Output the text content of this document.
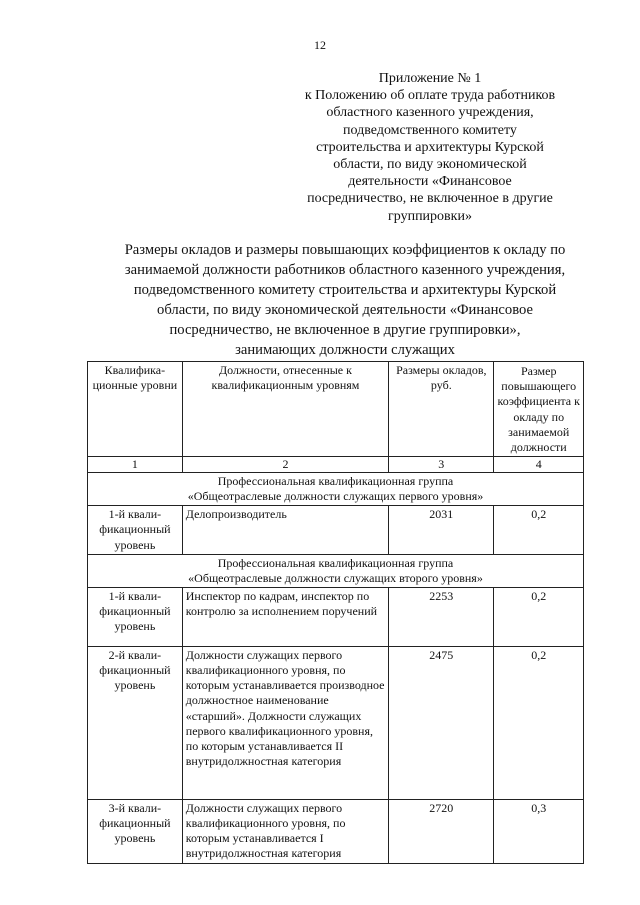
12
Приложение № 1
к Положению об оплате труда работников
областного казенного учреждения,
подведомственного комитету
строительства и архитектуры Курской
области, по виду экономической
деятельности «Финансовое
посредничество, не включенное в другие
группировки»
Размеры окладов и размеры повышающих коэффициентов к окладу по
занимаемой должности работников областного казенного учреждения,
подведомственного комитету строительства и архитектуры Курской
области, по виду экономической деятельности «Финансовое
посредничество, не включенное в другие группировки»,
занимающих должности служащих
Квалифика- ционные уровни	Должности, отнесенные к квалификационным уровням	Размеры окладов, руб.	Размер повышающего коэффициента к окладу по занимаемой должности
1	2	3	4

Профессиональная квалификационная группа
«Общеотраслевые должности служащих первого уровня»			

1-й квали- фикационный уровень	Делопроизводитель	2031	0,2

Профессиональная квалификационная группа
«Общеотраслевые должности служащих второго уровня»			

1-й квали- фикационный уровень	Инспектор по кадрам, инспектор по контролю за исполнением поручений	2253	0,2
2-й квали- фикационный уровень	Должности служащих первого квалификационного уровня, по которым устанавливается производное должностное наименование «старший». Должности служащих первого квалификационного уровня, по которым устанавливается II внутридолжностная категория	2475	0,2
3-й квали- фикационный уровень	Должности служащих первого квалификационного уровня, по которым устанавливается I внутридолжностная категория	2720	0,3
